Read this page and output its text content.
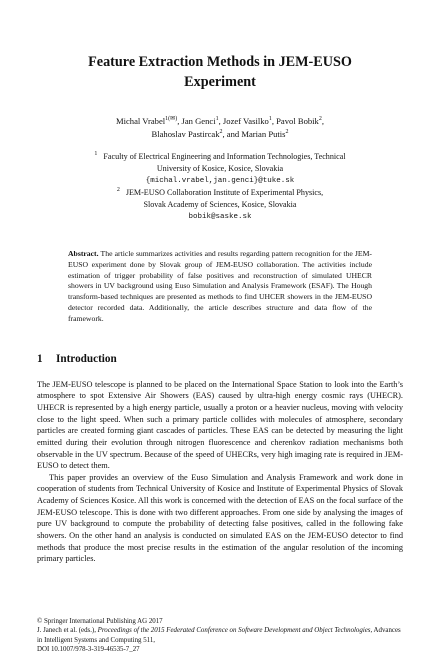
Feature Extraction Methods in JEM-EUSO
Experiment
Michal Vrabel$^{1(✉)}$, Jan Genci$^1$, Jozef Vasilko$^1$, Pavol Bobik$^2$,
Blahoslav Pastircak$^2$, and Marian Putis$^2$
$^1$ Faculty of Electrical Engineering and Information Technologies, Technical
University of Kosice, Kosice, Slovakia
{michal.vrabel,jan.genci}@tuke.sk
$^2$ JEM-EUSO Collaboration Institute of Experimental Physics,
Slovak Academy of Sciences, Kosice, Slovakia
bobik@saske.sk
Abstract. The article summarizes activities and results regarding pattern recognition for the JEM-EUSO experiment done by Slovak group of JEM-EUSO collaboration. The activities include estimation of trigger probability of false positives and reconstruction of simulated UHECR showers in UV background using Euso Simulation and Analysis Framework (ESAF). The Hough transform-based techniques are presented as methods to find UHCER showers in the JEM-EUSO detector recorded data. Additionally, the article describes structure and data flow of the framework.
1 Introduction

The JEM-EUSO telescope is planned to be placed on the International Space Station to look into the Earth’s atmosphere to spot Extensive Air Showers (EAS) caused by ultra-high energy cosmic rays (UHECR). UHECR is represented by a high energy particle, usually a proton or a heavier nucleus, moving with velocity close to the light speed. When such a primary particle collides with molecules of atmosphere, secondary particles are created forming giant cascades of particles. These EAS can be detected by measuring the light emitted during their evolution through nitrogen fluorescence and cherenkov radiation mechanisms both observable in the UV spectrum. Because of the speed of UHECRs, very high imaging rate is required in JEM-EUSO to detect them.

This paper provides an overview of the Euso Simulation and Analysis Framework and work done in cooperation of students from Technical University of Kosice and Institute of Experimental Physics of Slovak Academy of Sciences Kosice. All this work is concerned with the detection of EAS on the focal surface of the JEM-EUSO telescope. This is done with two different approaches. From one side by analysing the images of pure UV background to compute the probability of detecting false positives, called in the following fake showers. On the other hand an analysis is conducted on simulated EAS on the JEM-EUSO detector to find methods that produce the most precise results in the estimation of the angular resolution of the incoming primary particles.

© Springer International Publishing AG 2017
J. Janech et al. (eds.), Proceedings of the 2015 Federated Conference on Software Development and Object Technologies, Advances in Intelligent Systems and Computing 511,
DOI 10.1007/978-3-319-46535-7_27
